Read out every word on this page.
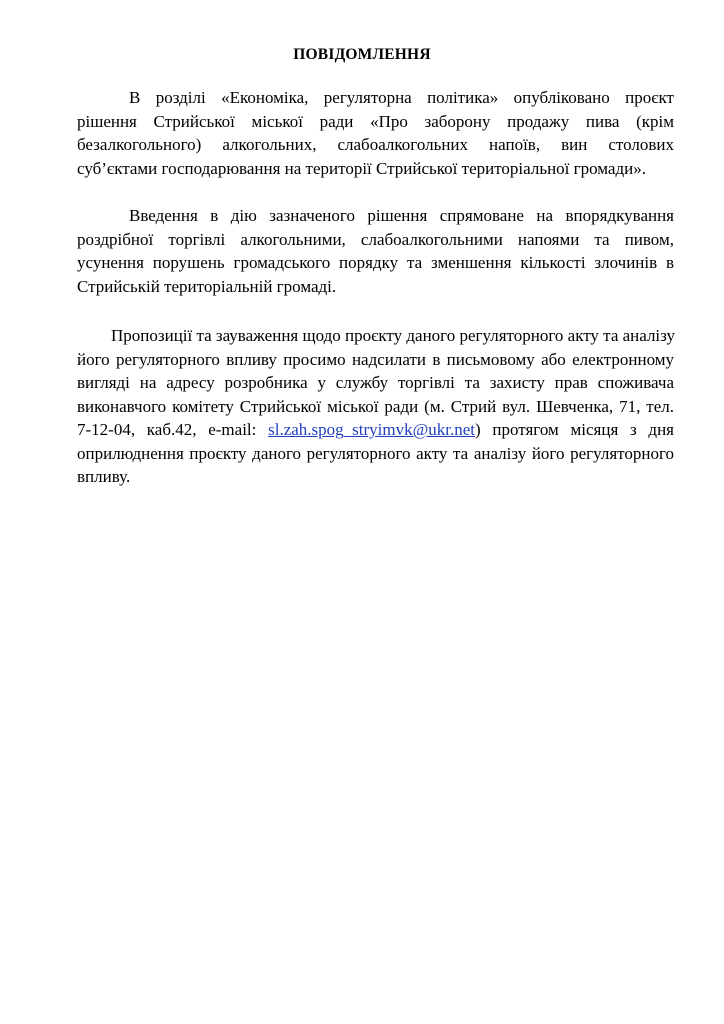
ПОВІДОМЛЕННЯ
В розділі «Економіка, регуляторна політика» опубліковано проєкт
рішення Стрийської міської ради «Про заборону продажу пива (крім
безалкогольного) алкогольних, слабоалкогольних напоїв, вин столових
суб’єктами господарювання на території Стрийської територіальної громади».
Введення в дію зазначеного рішення спрямоване на впорядкування
роздрібної торгівлі алкогольними, слабоалкогольними напоями та пивом,
усунення порушень громадського порядку та зменшення кількості злочинів в
Стрийській територіальній громаді.
Пропозиції та зауваження щодо проєкту даного регуляторного акту та аналізу
його регуляторного впливу просимо надсилати в письмовому або електронному
вигляді на адресу розробника у службу торгівлі та захисту прав споживача
виконавчого комітету Стрийської міської ради (м. Стрий вул. Шевченка, 71, тел.
7-12-04, каб.42, e-mail: sl.zah.spog_stryimvk@ukr.net) протягом місяця з дня
оприлюднення проєкту даного регуляторного акту та аналізу його регуляторного
впливу.
